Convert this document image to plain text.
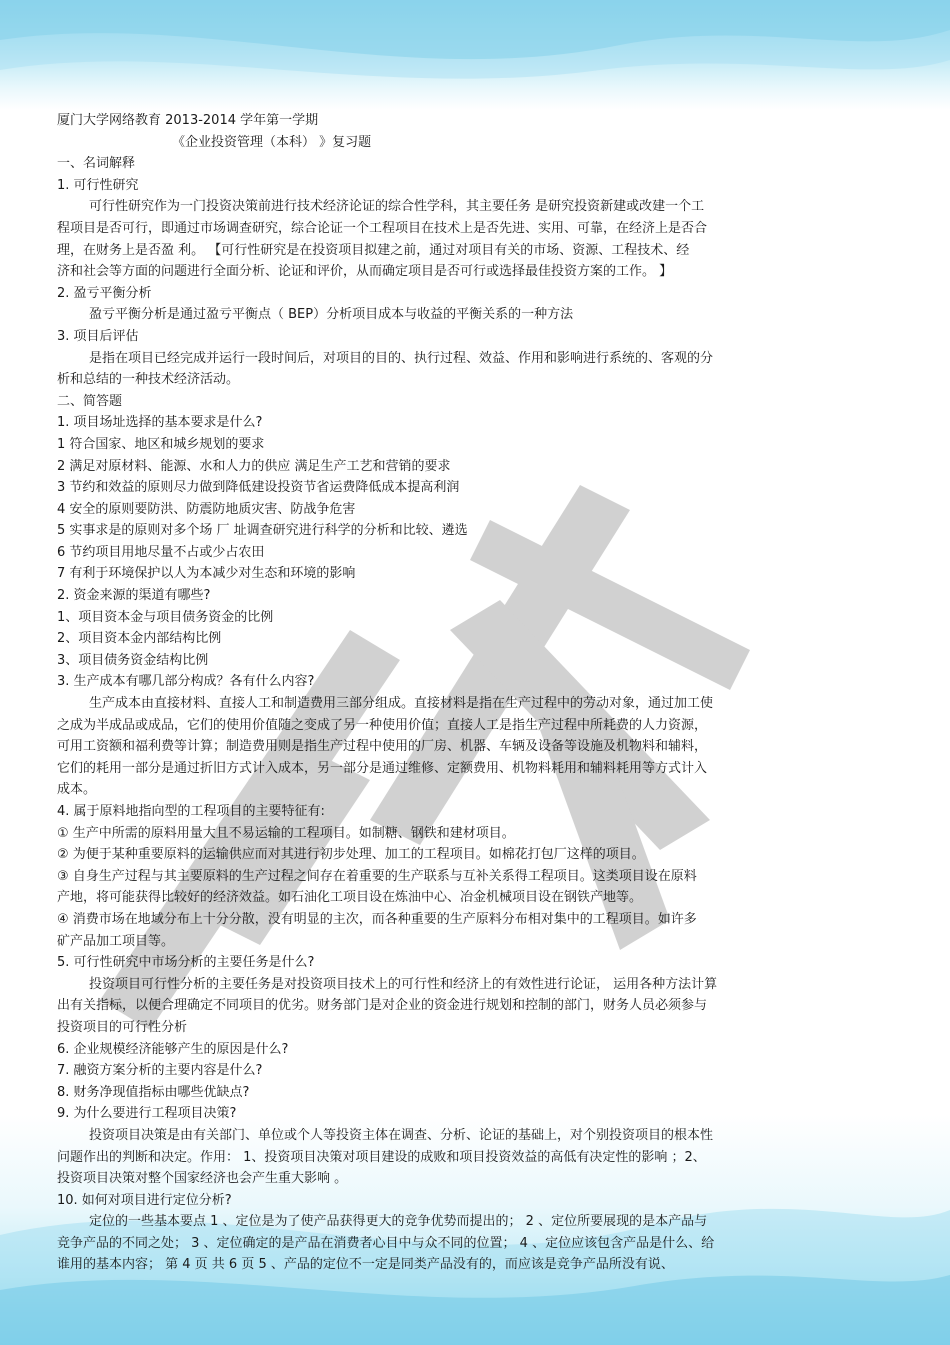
厦门大学网络教育 2013-2014 学年第一学期
《企业投资管理（本科） 》复习题
一、名词解释
1. 可行性研究
可行性研究作为一门投资决策前进行技术经济论证的综合性学科，其主要任务 是研究投资新建或改建一个工
程项目是否可行，即通过市场调查研究，综合论证一个工程项目在技术上是否先进、实用、可靠，在经济上是否合
理，在财务上是否盈 利。 【可行性研究是在投资项目拟建之前，通过对项目有关的市场、资源、工程技术、经
济和社会等方面的问题进行全面分析、论证和评价，从而确定项目是否可行或选择最佳投资方案的工作。 】
2. 盈亏平衡分析
盈亏平衡分析是通过盈亏平衡点（ BEP）分析项目成本与收益的平衡关系的一种方法
3. 项目后评估
是指在项目已经完成并运行一段时间后，对项目的目的、执行过程、效益、作用和影响进行系统的、客观的分
析和总结的一种技术经济活动。
二、简答题
1. 项目场址选择的基本要求是什么?
1 符合国家、地区和城乡规划的要求
2 满足对原材料、能源、水和人力的供应 满足生产工艺和营销的要求
3 节约和效益的原则尽力做到降低建设投资节省运费降低成本提高利润
4 安全的原则要防洪、防震防地质灾害、防战争危害
5 实事求是的原则对多个场 厂 址调查研究进行科学的分析和比较、遴选
6 节约项目用地尽量不占或少占农田
7 有利于环境保护以人为本减少对生态和环境的影响
2. 资金来源的渠道有哪些?
1、项目资本金与项目债务资金的比例
2、项目资本金内部结构比例
3、项目债务资金结构比例
3. 生产成本有哪几部分构成？各有什么内容?
生产成本由直接材料、直接人工和制造费用三部分组成。直接材料是指在生产过程中的劳动对象，通过加工使
之成为半成品或成品，它们的使用价值随之变成了另一种使用价值；直接人工是指生产过程中所耗费的人力资源，
可用工资额和福利费等计算；制造费用则是指生产过程中使用的厂房、机器、车辆及设备等设施及机物料和辅料，
它们的耗用一部分是通过折旧方式计入成本，另一部分是通过维修、定额费用、机物料耗用和辅料耗用等方式计入
成本。
4. 属于原料地指向型的工程项目的主要特征有:
① 生产中所需的原料用量大且不易运输的工程项目。如制糖、钢铁和建材项目。
② 为便于某种重要原料的运输供应而对其进行初步处理、加工的工程项目。如棉花打包厂这样的项目。
③ 自身生产过程与其主要原料的生产过程之间存在着重要的生产联系与互补关系得工程项目。这类项目设在原料
产地，将可能获得比较好的经济效益。如石油化工项目设在炼油中心、冶金机械项目设在钢铁产地等。
④ 消费市场在地域分布上十分分散，没有明显的主次，而各种重要的生产原料分布相对集中的工程项目。如许多
矿产品加工项目等。
5. 可行性研究中市场分析的主要任务是什么?
投资项目可行性分析的主要任务是对投资项目技术上的可行性和经济上的有效性进行论证， 运用各种方法计算
出有关指标，以便合理确定不同项目的优劣。财务部门是对企业的资金进行规划和控制的部门，财务人员必须参与
投资项目的可行性分析
6. 企业规模经济能够产生的原因是什么?
7. 融资方案分析的主要内容是什么?
8. 财务净现值指标由哪些优缺点?
9. 为什么要进行工程项目决策?
投资项目决策是由有关部门、单位或个人等投资主体在调查、分析、论证的基础上，对个别投资项目的根本性
问题作出的判断和决定。作用： 1、投资项目决策对项目建设的成败和项目投资效益的高低有决定性的影响 ；2、
投资项目决策对整个国家经济也会产生重大影响 。
10. 如何对项目进行定位分析?
定位的一些基本要点 1 、定位是为了使产品获得更大的竞争优势而提出的； 2 、定位所要展现的是本产品与
竞争产品的不同之处； 3 、定位确定的是产品在消费者心目中与众不同的位置； 4 、定位应该包含产品是什么、给
谁用的基本内容； 第 4 页 共 6 页 5 、产品的定位不一定是同类产品没有的，而应该是竞争产品所没有说、
